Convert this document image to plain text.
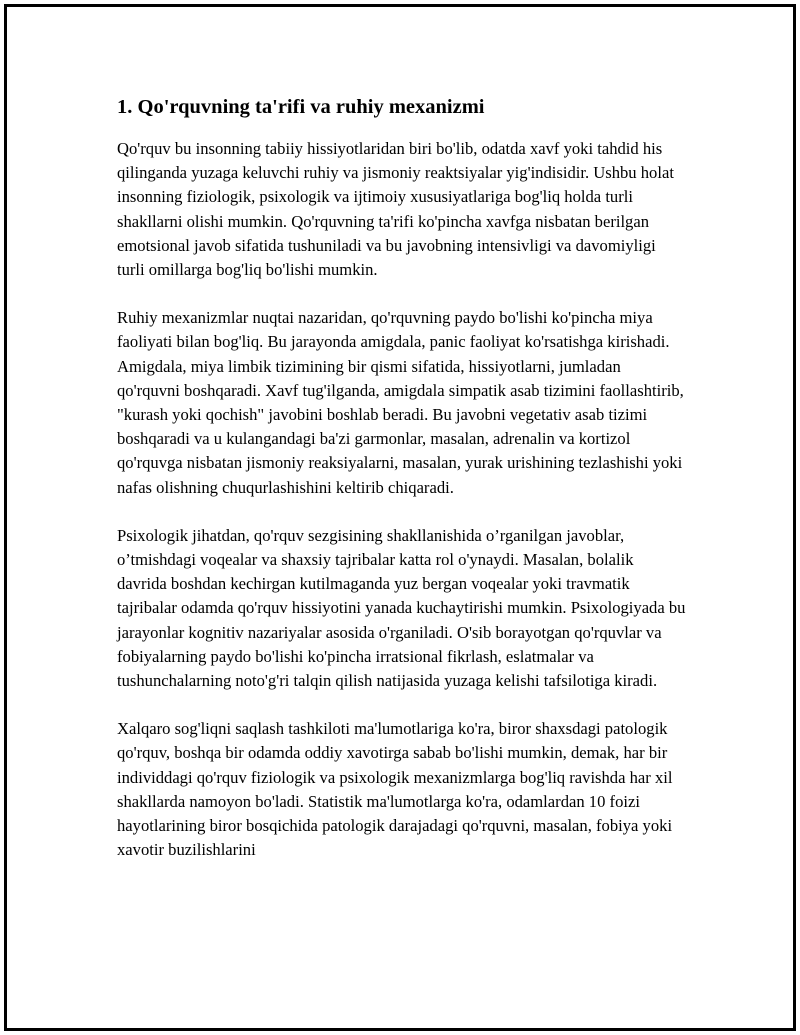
1. Qo'rquvning ta'rifi va ruhiy mexanizmi

Qo'rquv bu insonning tabiiy hissiyotlaridan biri bo'lib, odatda xavf yoki tahdid his qilinganda yuzaga keluvchi ruhiy va jismoniy reaktsiyalar yig'indisidir. Ushbu holat insonning fiziologik, psixologik va ijtimoiy xususiyatlariga bog'liq holda turli shakllarni olishi mumkin. Qo'rquvning ta'rifi ko'pincha xavfga nisbatan berilgan emotsional javob sifatida tushuniladi va bu javobning intensivligi va davomiyligi turli omillarga bog'liq bo'lishi mumkin.

Ruhiy mexanizmlar nuqtai nazaridan, qo'rquvning paydo bo'lishi ko'pincha miya faoliyati bilan bog'liq. Bu jarayonda amigdala, panic faoliyat ko'rsatishga kirishadi. Amigdala, miya limbik tizimining bir qismi sifatida, hissiyotlarni, jumladan qo'rquvni boshqaradi. Xavf tug'ilganda, amigdala simpatik asab tizimini faollashtirib, "kurash yoki qochish" javobini boshlab beradi. Bu javobni vegetativ asab tizimi boshqaradi va u kulangandagi ba'zi garmonlar, masalan, adrenalin va kortizol qo'rquvga nisbatan jismoniy reaksiyalarni, masalan, yurak urishining tezlashishi yoki nafas olishning chuqurlashishini keltirib chiqaradi.

Psixologik jihatdan, qo'rquv sezgisining shakllanishida o’rganilgan javoblar, o’tmishdagi voqealar va shaxsiy tajribalar katta rol o'ynaydi. Masalan, bolalik davrida boshdan kechirgan kutilmaganda yuz bergan voqealar yoki travmatik tajribalar odamda qo'rquv hissiyotini yanada kuchaytirishi mumkin. Psixologiyada bu jarayonlar kognitiv nazariyalar asosida o'rganiladi. O'sib borayotgan qo'rquvlar va fobiyalarning paydo bo'lishi ko'pincha irratsional fikrlash, eslatmalar va tushunchalarning noto'g'ri talqin qilish natijasida yuzaga kelishi tafsilotiga kiradi.

Xalqaro sog'liqni saqlash tashkiloti ma'lumotlariga ko'ra, biror shaxsdagi patologik qo'rquv, boshqa bir odamda oddiy xavotirga sabab bo'lishi mumkin, demak, har bir individdagi qo'rquv fiziologik va psixologik mexanizmlarga bog'liq ravishda har xil shakllarda namoyon bo'ladi. Statistik ma'lumotlarga ko'ra, odamlardan 10 foizi hayotlarining biror bosqichida patologik darajadagi qo'rquvni, masalan, fobiya yoki xavotir buzilishlarini
